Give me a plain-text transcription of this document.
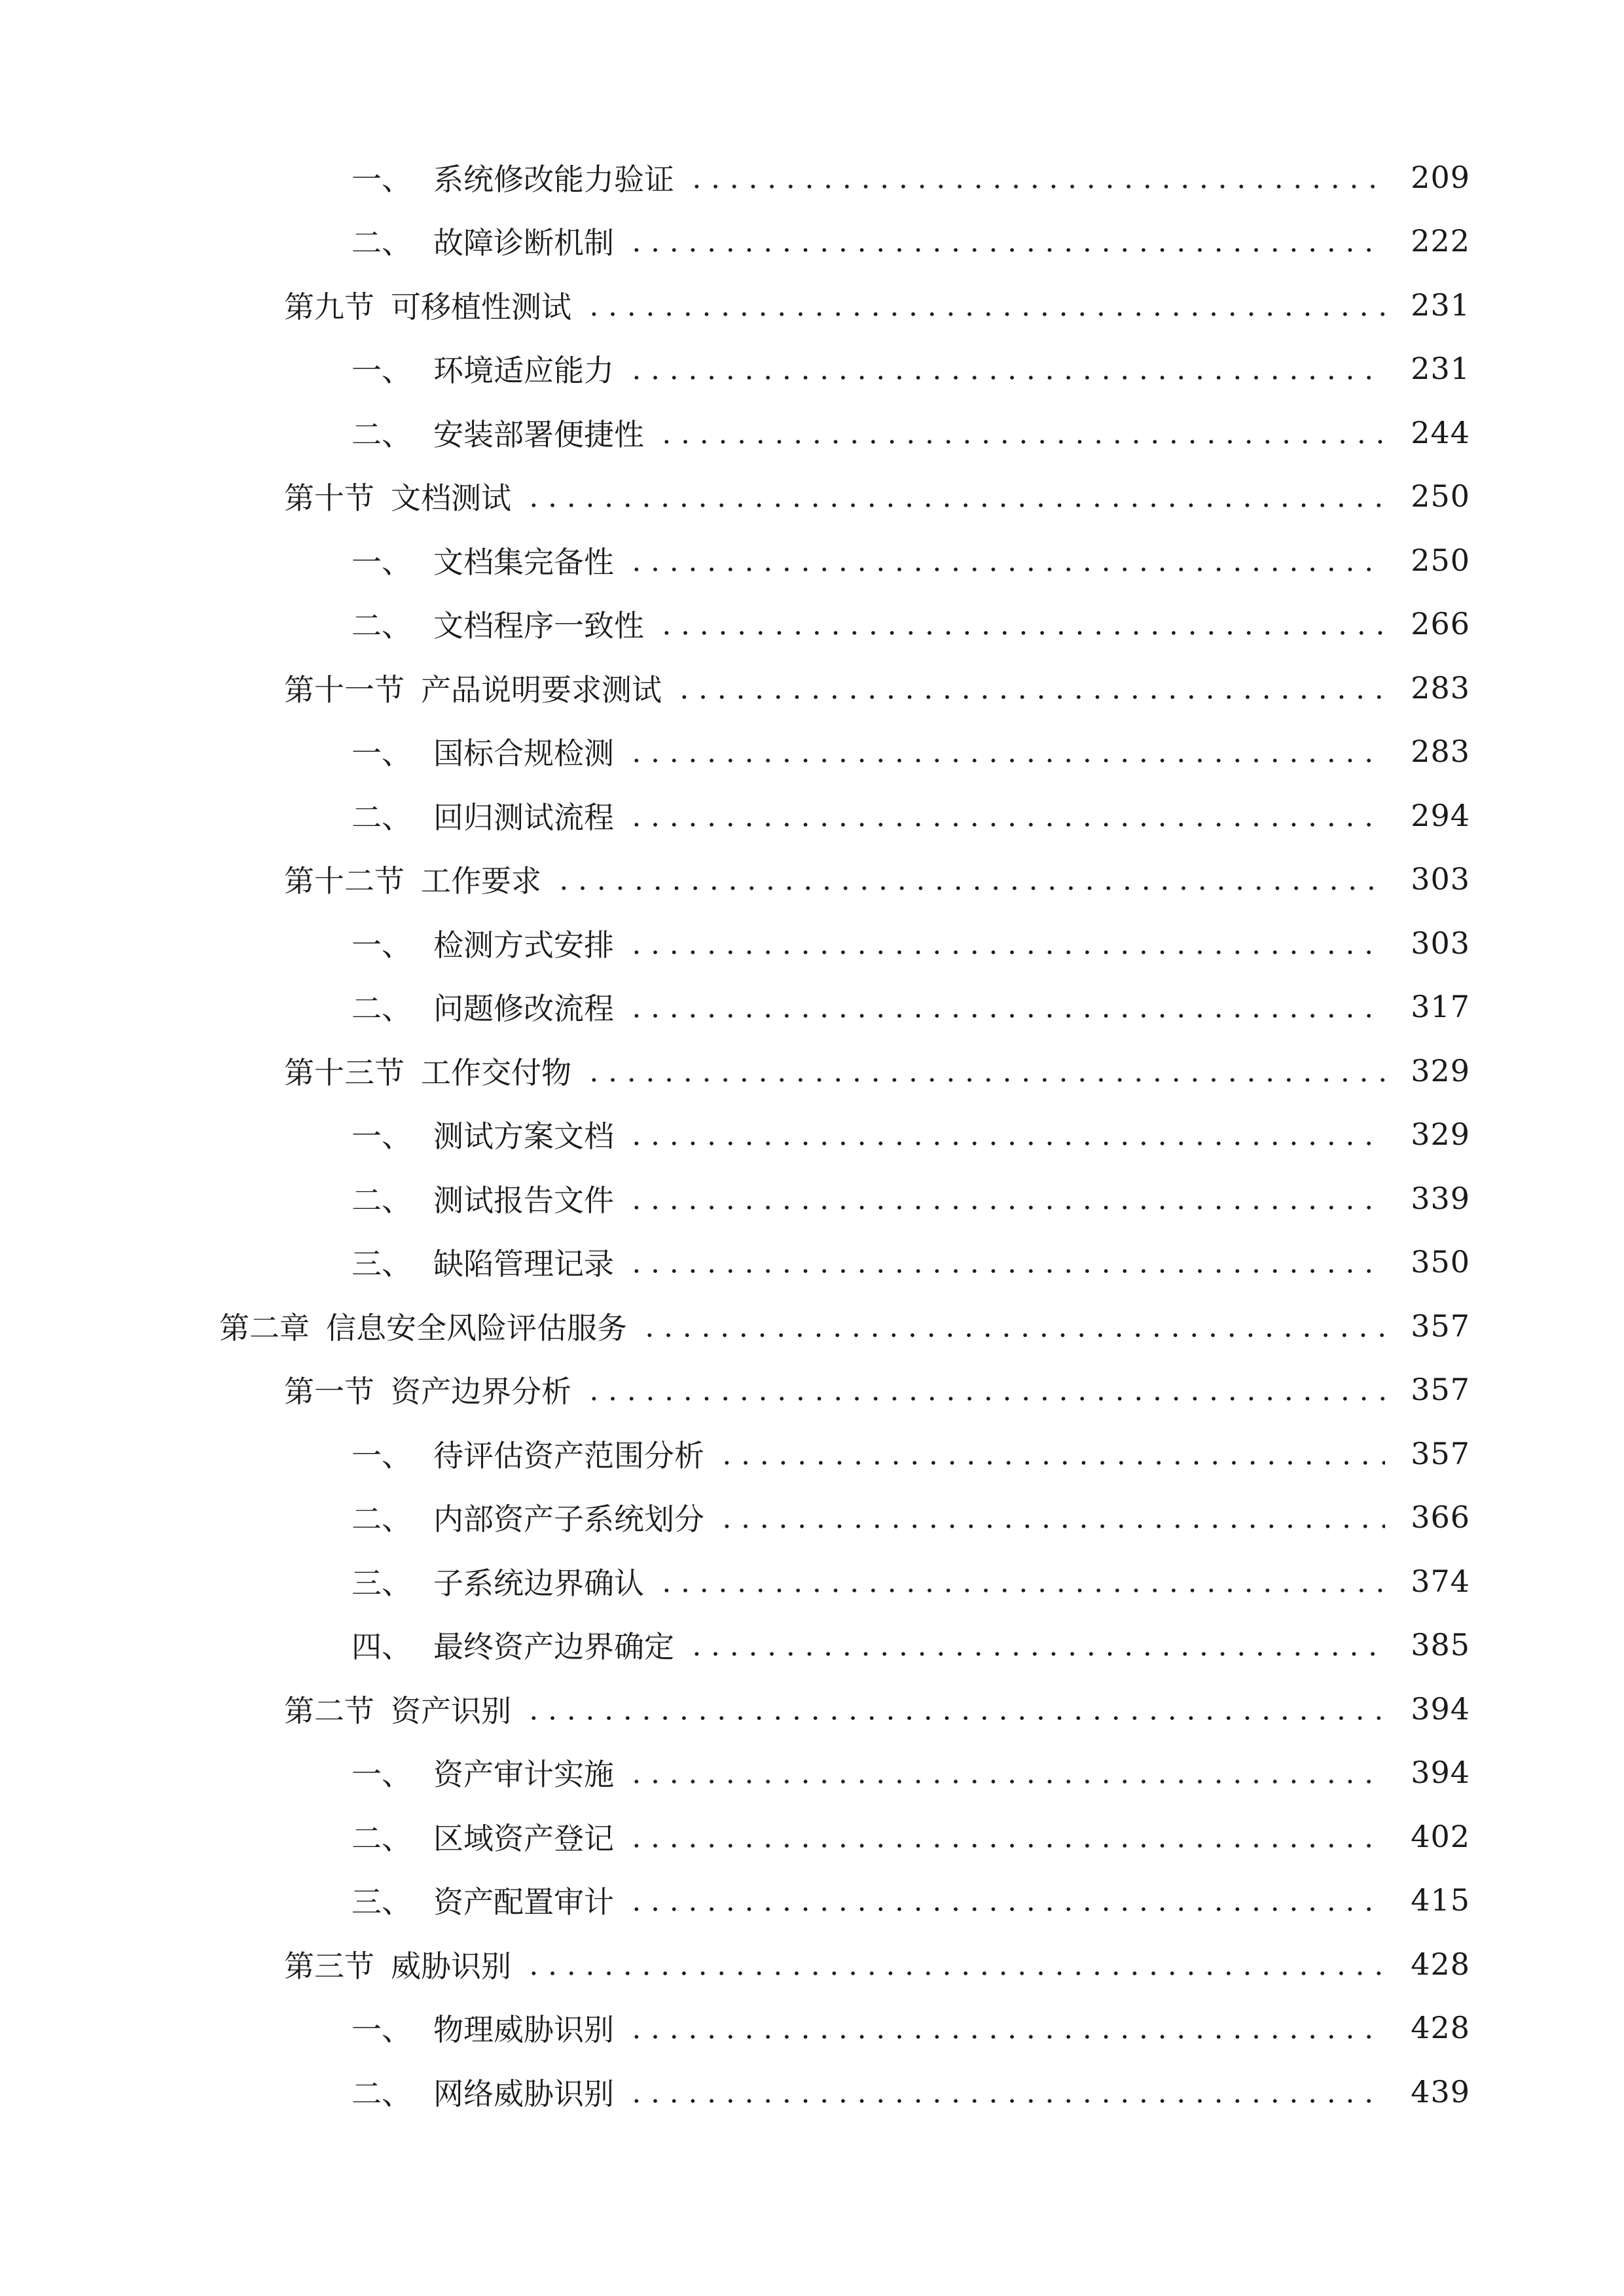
一、 系统修改能力验证	209
二、 故障诊断机制	222
第九节 可移植性测试	231
一、 环境适应能力	231
二、 安装部署便捷性	244
第十节 文档测试	250
一、 文档集完备性	250
二、 文档程序一致性	266
第十一节 产品说明要求测试	283
一、 国标合规检测	283
二、 回归测试流程	294
第十二节 工作要求	303
一、 检测方式安排	303
二、 问题修改流程	317
第十三节 工作交付物	329
一、 测试方案文档	329
二、 测试报告文件	339
三、 缺陷管理记录	350
第二章 信息安全风险评估服务	357
第一节 资产边界分析	357
一、 待评估资产范围分析	357
二、 内部资产子系统划分	366
三、 子系统边界确认	374
四、 最终资产边界确定	385
第二节 资产识别	394
一、 资产审计实施	394
二、 区域资产登记	402
三、 资产配置审计	415
第三节 威胁识别	428
一、 物理威胁识别	428
二、 网络威胁识别	439
